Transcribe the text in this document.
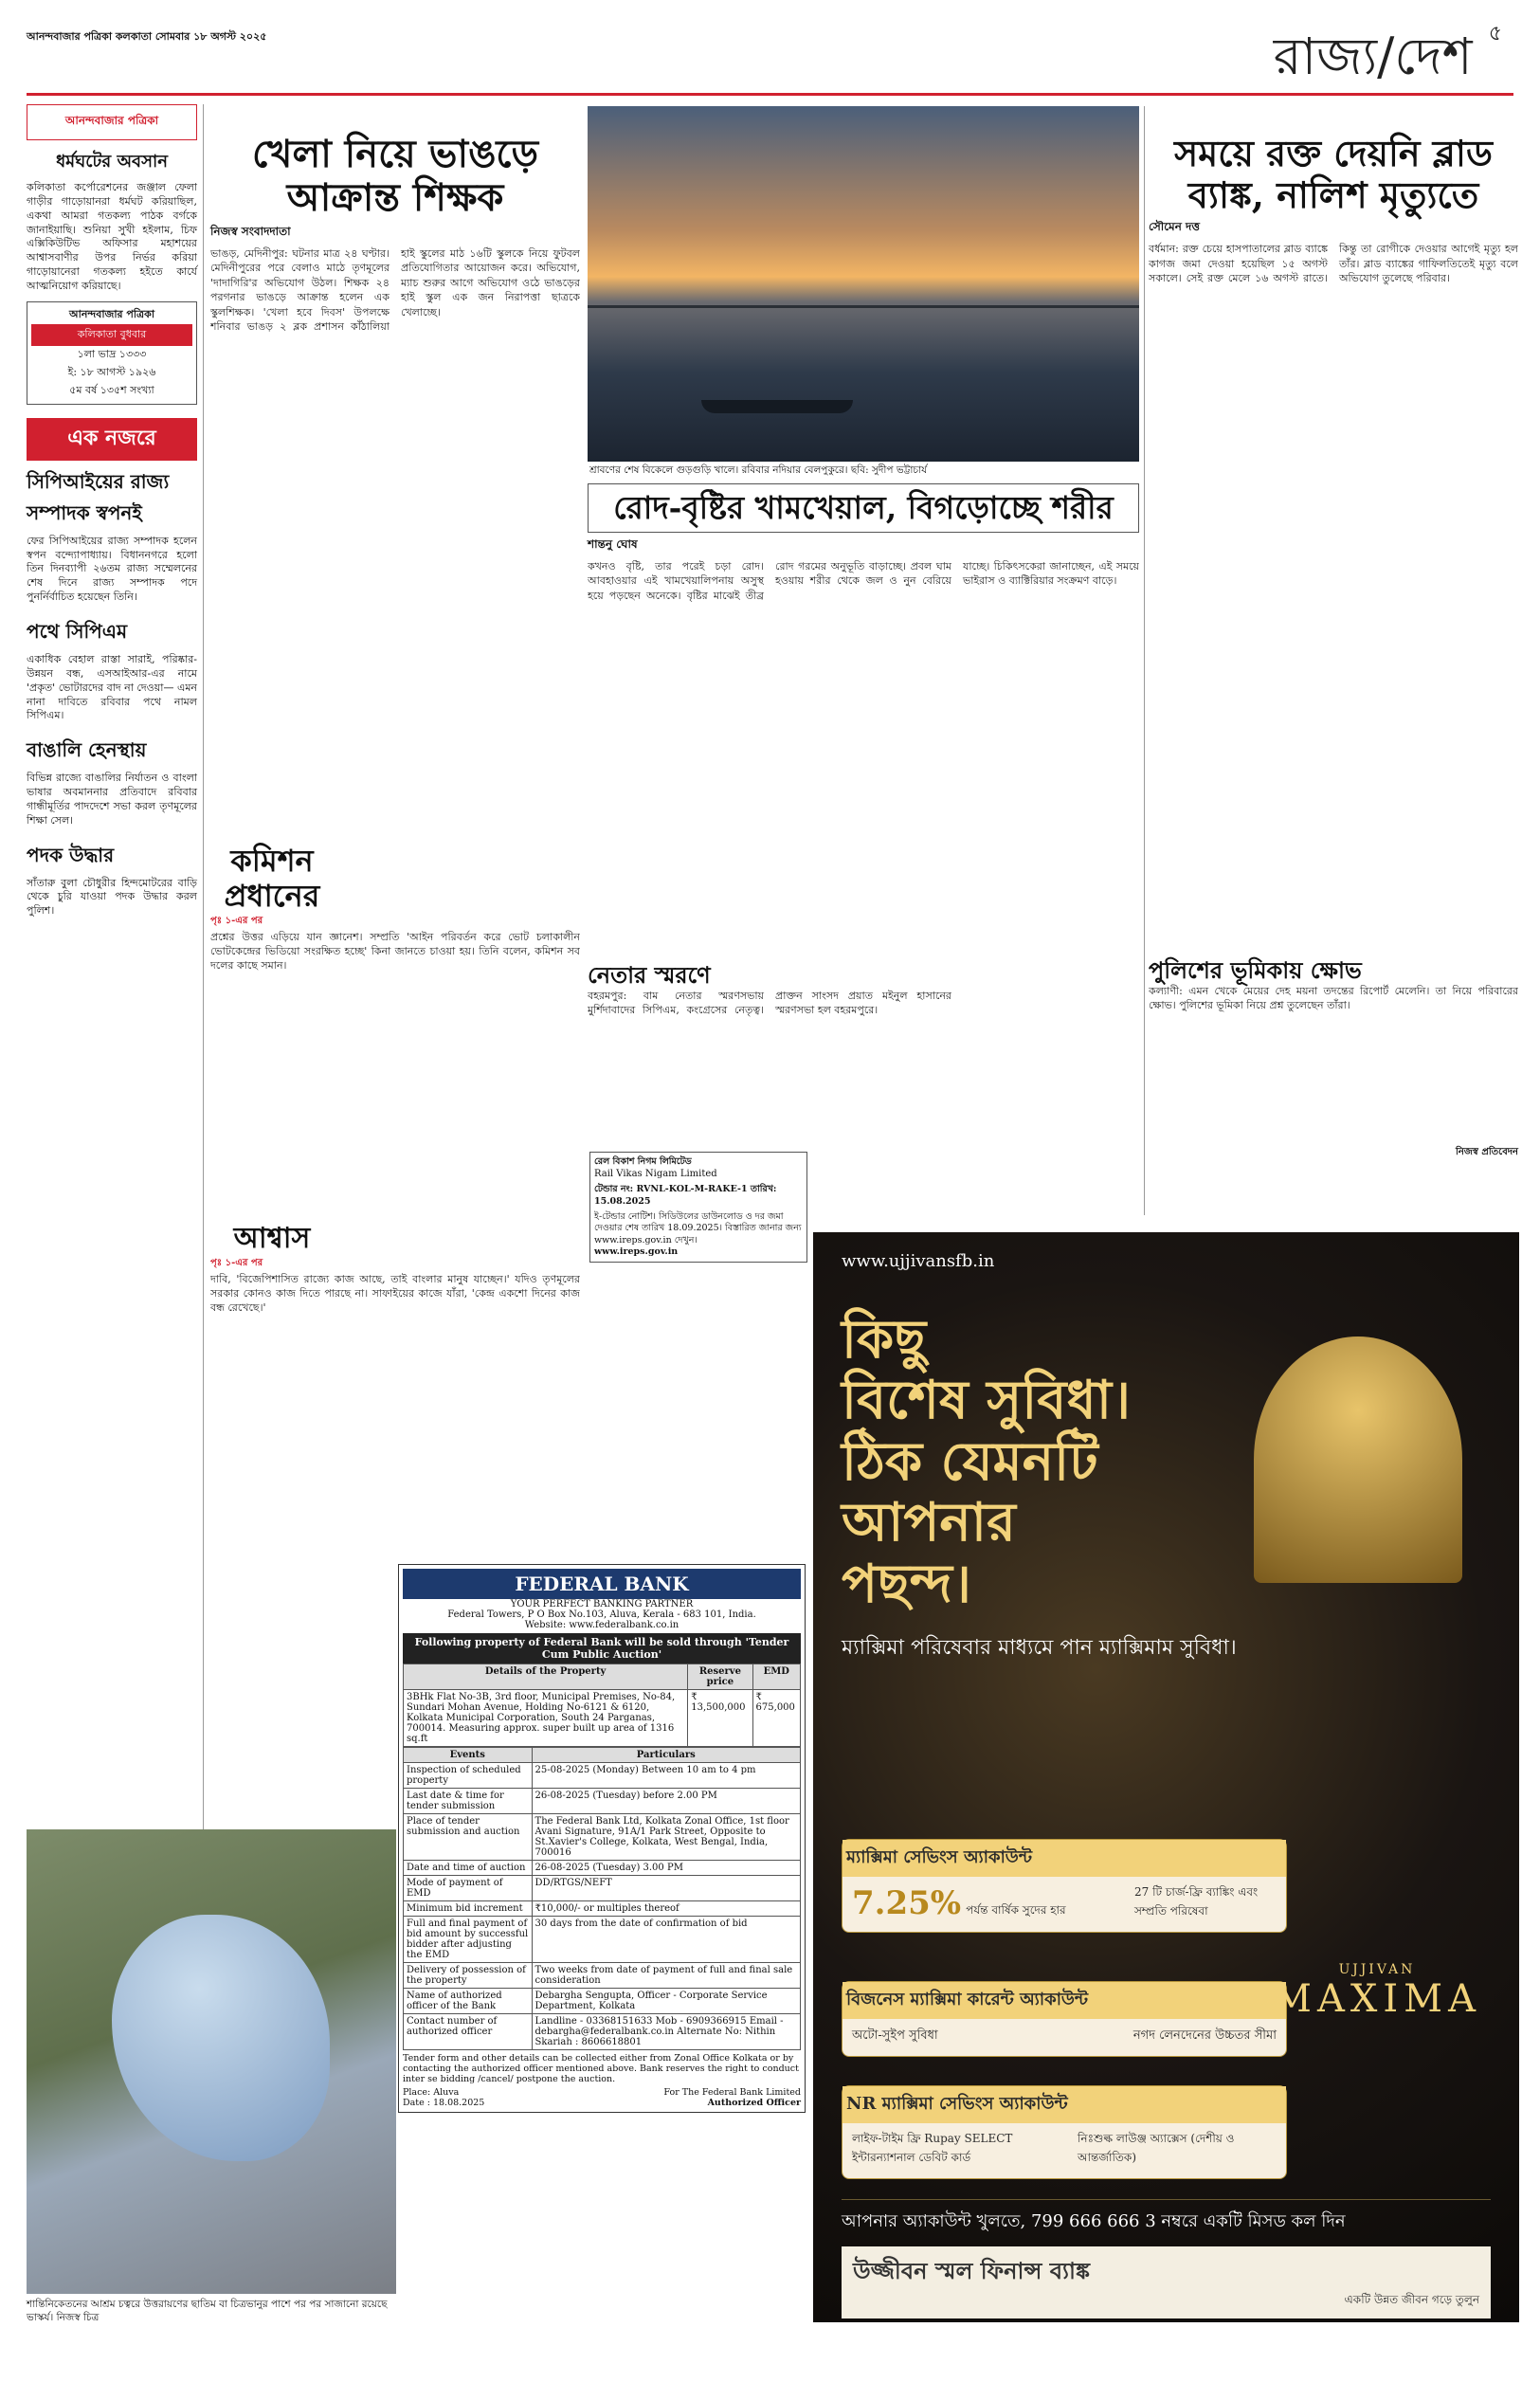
আনন্দবাজার পত্রিকা কলকাতা সোমবার ১৮ অগস্ট ২০২৫	রাজ্য/দেশ $^৫$
আনন্দবাজার পত্রিকা
ধর্মঘটের অবসান
কলিকাতা কর্পোরেশনের জঞ্জাল ফেলা গাড়ীর গাড়োয়ানরা ধর্মঘট করিয়াছিল, একথা আমরা গতকল্য পাঠক বর্গকে জানাইয়াছি। শুনিয়া সুখী হইলাম, চিফ এক্সিকিউটিভ অফিসার মহাশয়ের আশ্বাসবাণীর উপর নির্ভর করিয়া গাড়োয়ানেরা গতকল্য হইতে কার্যে আত্মনিয়োগ করিয়াছে।
আনন্দবাজার পত্রিকা
কলিকাতা বুধবার
১লা ভাদ্র ১৩৩৩
ই: ১৮ আগস্ট ১৯২৬
৫ম বর্ষ ১৩৫শ সংখ্যা
এক নজরে
সিপিআইয়ের রাজ্য সম্পাদক স্বপনই
ফের সিপিআইয়ের রাজ্য সম্পাদক হলেন স্বপন বন্দ্যোপাধ্যায়। বিধাননগরে হলো তিন দিনব্যাপী ২৬তম রাজ্য সম্মেলনের শেষ দিনে রাজ্য সম্পাদক পদে পুনর্নির্বাচিত হয়েছেন তিনি।
পথে সিপিএম
একাধিক বেহাল রাস্তা সারাই, পরিষ্কার-উন্নয়ন বন্ধ, এসআইআর-এর নামে 'প্রকৃত' ভোটারদের বাদ না দেওয়া— এমন নানা দাবিতে রবিবার পথে নামল সিপিএম।
বাঙালি হেনস্থায়
বিভিন্ন রাজ্যে বাঙালির নির্যাতন ও বাংলা ভাষার অবমাননার প্রতিবাদে রবিবার গান্ধীমূর্তির পাদদেশে সভা করল তৃণমূলের শিক্ষা সেল।
পদক উদ্ধার
সাঁতারু বুলা চৌধুরীর হিন্দমোটরের বাড়ি থেকে চুরি যাওয়া পদক উদ্ধার করল পুলিশ।
শান্তিনিকেতনের আশ্রম চত্বরে উত্তরায়ণের ছাতিম বা চিত্রভানুর পাশে পর পর সাজানো রয়েছে ভাস্কর্য। নিজস্ব চিত্র
খেলা নিয়ে ভাঙড়ে আক্রান্ত শিক্ষক
নিজস্ব সংবাদদাতা
ভাঙড়, মেদিনীপুর: ঘটনার মাত্র ২৪ ঘণ্টার। মেদিনীপুরের পরে বেলাও মাঠে তৃণমূলের 'দাদাগিরি'র অভিযোগ উঠল। শিক্ষক ২৪ পরগনার ভাঙড়ে আক্রান্ত হলেন এক স্কুলশিক্ষক। 'খেলা হবে দিবস' উপলক্ষে শনিবার ভাঙড় ২ ব্লক প্রশাসন কাঁঠালিয়া হাই স্কুলের মাঠ ১৬টি স্কুলকে নিয়ে ফুটবল প্রতিযোগিতার আয়োজন করে। অভিযোগ, ম্যাচ শুরুর আগে অভিযোগ ওঠে ভাঙড়ের হাই স্কুল এক জন নিরাপত্তা ছাত্রকে খেলাচ্ছে।
শ্রাবণের শেষ বিকেলে গুড়গুড়ি খালে। রবিবার নদিয়ার বেলপুকুরে। ছবি: সুদীপ ভট্টাচার্য
রোদ-বৃষ্টির খামখেয়াল, বিগড়োচ্ছে শরীর
শান্তনু ঘোষ
কখনও বৃষ্টি, তার পরেই চড়া রোদ। আবহাওয়ার এই খামখেয়ালিপনায় অসুস্থ হয়ে পড়ছেন অনেকে। বৃষ্টির মাঝেই তীব্র রোদ গরমের অনুভূতি বাড়াচ্ছে। প্রবল ঘাম হওয়ায় শরীর থেকে জল ও নুন বেরিয়ে যাচ্ছে। চিকিৎসকেরা জানাচ্ছেন, এই সময়ে ভাইরাস ও ব্যাক্টিরিয়ার সংক্রমণ বাড়ে।
সময়ে রক্ত দেয়নি ব্লাড ব্যাঙ্ক, নালিশ মৃত্যুতে
সৌমেন দত্ত
বর্ধমান: রক্ত চেয়ে হাসপাতালের ব্লাড ব্যাঙ্কে কাগজ জমা দেওয়া হয়েছিল ১৫ অগস্ট সকালে। সেই রক্ত মেলে ১৬ অগস্ট রাতে। কিন্তু তা রোগীকে দেওয়ার আগেই মৃত্যু হল তাঁর। ব্লাড ব্যাঙ্কের গাফিলতিতেই মৃত্যু বলে অভিযোগ তুলেছে পরিবার।
কমিশন প্রধানের
পৃঃ ১-এর পর
প্রশ্নের উত্তর এড়িয়ে যান জ্ঞানেশ। সম্প্রতি 'আইন পরিবর্তন করে ভোট চলাকালীন ভোটকেন্দ্রের ভিডিয়ো সংরক্ষিত হচ্ছে' কিনা জানতে চাওয়া হয়। তিনি বলেন, কমিশন সব দলের কাছে সমান।
আশ্বাস
পৃঃ ১-এর পর
দাবি, 'বিজেপিশাসিত রাজ্যে কাজ আছে, তাই বাংলার মানুষ যাচ্ছেন।' যদিও তৃণমূলের সরকার কোনও কাজ দিতে পারছে না। সাফাইয়ের কাজে যাঁরা, 'কেন্দ্র একশো দিনের কাজ বন্ধ রেখেছে।'
নেতার স্মরণে
বহরমপুর: বাম নেতার স্মরণসভায় মুর্শিদাবাদের সিপিএম, কংগ্রেসের নেতৃত্ব। প্রাক্তন সাংসদ প্রয়াত মইনুল হাসানের স্মরণসভা হল বহরমপুরে।
পুলিশের ভূমিকায় ক্ষোভ
কল্যাণী: এমন খেকে মেয়ের দেহ ময়না তদন্তের রিপোর্ট মেলেনি। তা নিয়ে পরিবারের ক্ষোভ। পুলিশের ভূমিকা নিয়ে প্রশ্ন তুলেছেন তাঁরা।
নিজস্ব প্রতিবেদন
রেল বিকাশ নিগম লিমিটেড
Rail Vikas Nigam Limited
টেন্ডার নং: RVNL-KOL-M-RAKE-1 তারিখ: 15.08.2025
ই-টেন্ডার নোটিশ। সিডিউলের ডাউনলোড ও দর জমা দেওয়ার শেষ তারিখ 18.09.2025। বিস্তারিত জানার জন্য www.ireps.gov.in দেখুন।
www.ireps.gov.in
FEDERAL BANK
YOUR PERFECT BANKING PARTNER
Federal Towers, P O Box No.103, Aluva, Kerala - 683 101, India.
Website: www.federalbank.co.in
Following property of Federal Bank will be sold through 'Tender Cum Public Auction'
Details of the Property	Reserve price	EMD
3BHk Flat No-3B, 3rd floor, Municipal Premises, No-84, Sundari Mohan Avenue, Holding No-6121 & 6120, Kolkata Municipal Corporation, South 24 Parganas, 700014. Measuring approx. super built up area of 1316 sq.ft	₹ 13,500,000	₹ 675,000
Events	Particulars
Inspection of scheduled property	25-08-2025 (Monday) Between 10 am to 4 pm
Last date & time for tender submission	26-08-2025 (Tuesday) before 2.00 PM
Place of tender submission and auction	The Federal Bank Ltd, Kolkata Zonal Office, 1st floor Avani Signature, 91A/1 Park Street, Opposite to St.Xavier's College, Kolkata, West Bengal, India, 700016
Date and time of auction	26-08-2025 (Tuesday) 3.00 PM
Mode of payment of EMD	DD/RTGS/NEFT
Minimum bid increment	₹10,000/- or multiples thereof
Full and final payment of bid amount by successful bidder after adjusting the EMD	30 days from the date of confirmation of bid
Delivery of possession of the property	Two weeks from date of payment of full and final sale consideration
Name of authorized officer of the Bank	Debargha Sengupta, Officer - Corporate Service Department, Kolkata
Contact number of authorized officer	Landline - 03368151633 Mob - 6909366915 Email - debargha@federalbank.co.in Alternate No: Nithin Skariah : 8606618801
Tender form and other details can be collected either from Zonal Office Kolkata or by contacting the authorized officer mentioned above. Bank reserves the right to conduct inter se bidding /cancel/ postpone the auction.
Place: Aluva
Date : 18.08.2025
For The Federal Bank Limited
Authorized Officer
www.ujjivansfb.in
কিছু
বিশেষ সুবিধা।
ঠিক যেমনটি
আপনার
পছন্দ।
ম্যাক্সিমা পরিষেবার মাধ্যমে পান ম্যাক্সিমাম সুবিধা।
ম্যাক্সিমা সেভিংস অ্যাকাউন্ট
7.25% পর্যন্ত বার্ষিক সুদের হার
27 টি চার্জ-ফ্রি ব্যাঙ্কিং এবং সম্প্রতি পরিষেবা
বিজনেস ম্যাক্সিমা কারেন্ট অ্যাকাউন্ট
অটো-সুইপ সুবিধা	নগদ লেনদেনের উচ্চতর সীমা
NR ম্যাক্সিমা সেভিংস অ্যাকাউন্ট
লাইফ-টাইম ফ্রি Rupay SELECT ইন্টারন্যাশনাল ডেবিট কার্ড
নিঃশুল্ক লাউঞ্জ অ্যাক্সেস (দেশীয় ও আন্তর্জাতিক)
UJJIVAN
MAXIMA
আপনার অ্যাকাউন্ট খুলতে, 799 666 666 3 নম্বরে একটি মিসড কল দিন
উজ্জীবন স্মল ফিনান্স ব্যাঙ্ক
একটি উন্নত জীবন গড়ে তুলুন
